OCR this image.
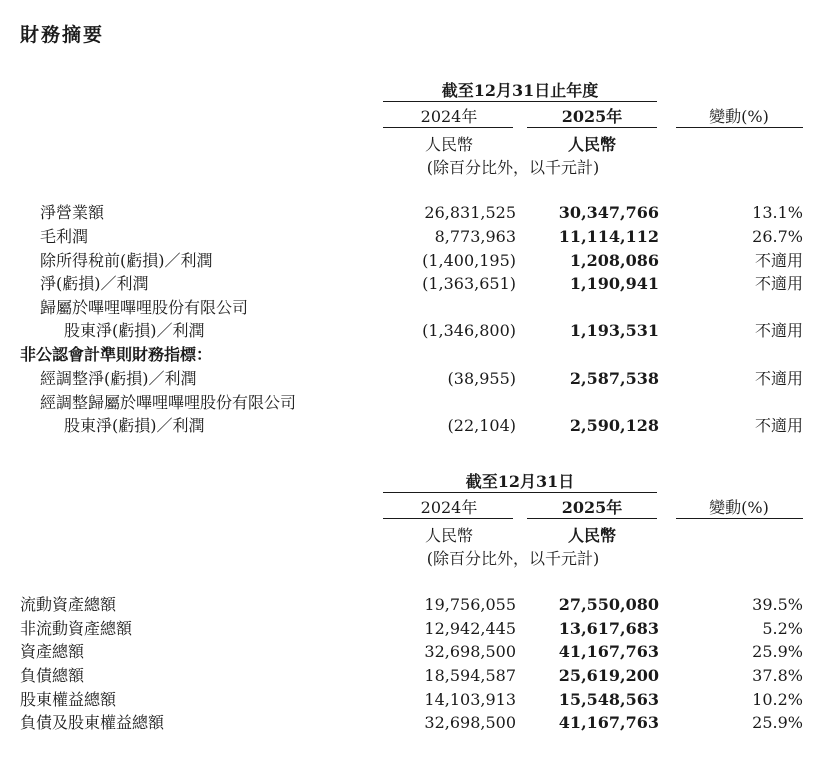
財務摘要
截至12月31日止年度
2024年	2025年	變動(%)
人民幣	人民幣
(除百分比外，以千元計)
淨營業額	26,831,525	30,347,766	13.1%
毛利潤	8,773,963	11,114,112	26.7%
除所得稅前(虧損)／利潤	(1,400,195)	1,208,086	不適用
淨(虧損)／利潤	(1,363,651)	1,190,941	不適用
歸屬於嗶哩嗶哩股份有限公司
股東淨(虧損)／利潤	(1,346,800)	1,193,531	不適用
非公認會計準則財務指標：
經調整淨(虧損)／利潤	(38,955)	2,587,538	不適用
經調整歸屬於嗶哩嗶哩股份有限公司
股東淨(虧損)／利潤	(22,104)	2,590,128	不適用
截至12月31日
2024年	2025年	變動(%)
人民幣	人民幣
(除百分比外，以千元計)
流動資產總額	19,756,055	27,550,080	39.5%
非流動資產總額	12,942,445	13,617,683	5.2%
資產總額	32,698,500	41,167,763	25.9%
負債總額	18,594,587	25,619,200	37.8%
股東權益總額	14,103,913	15,548,563	10.2%
負債及股東權益總額	32,698,500	41,167,763	25.9%
